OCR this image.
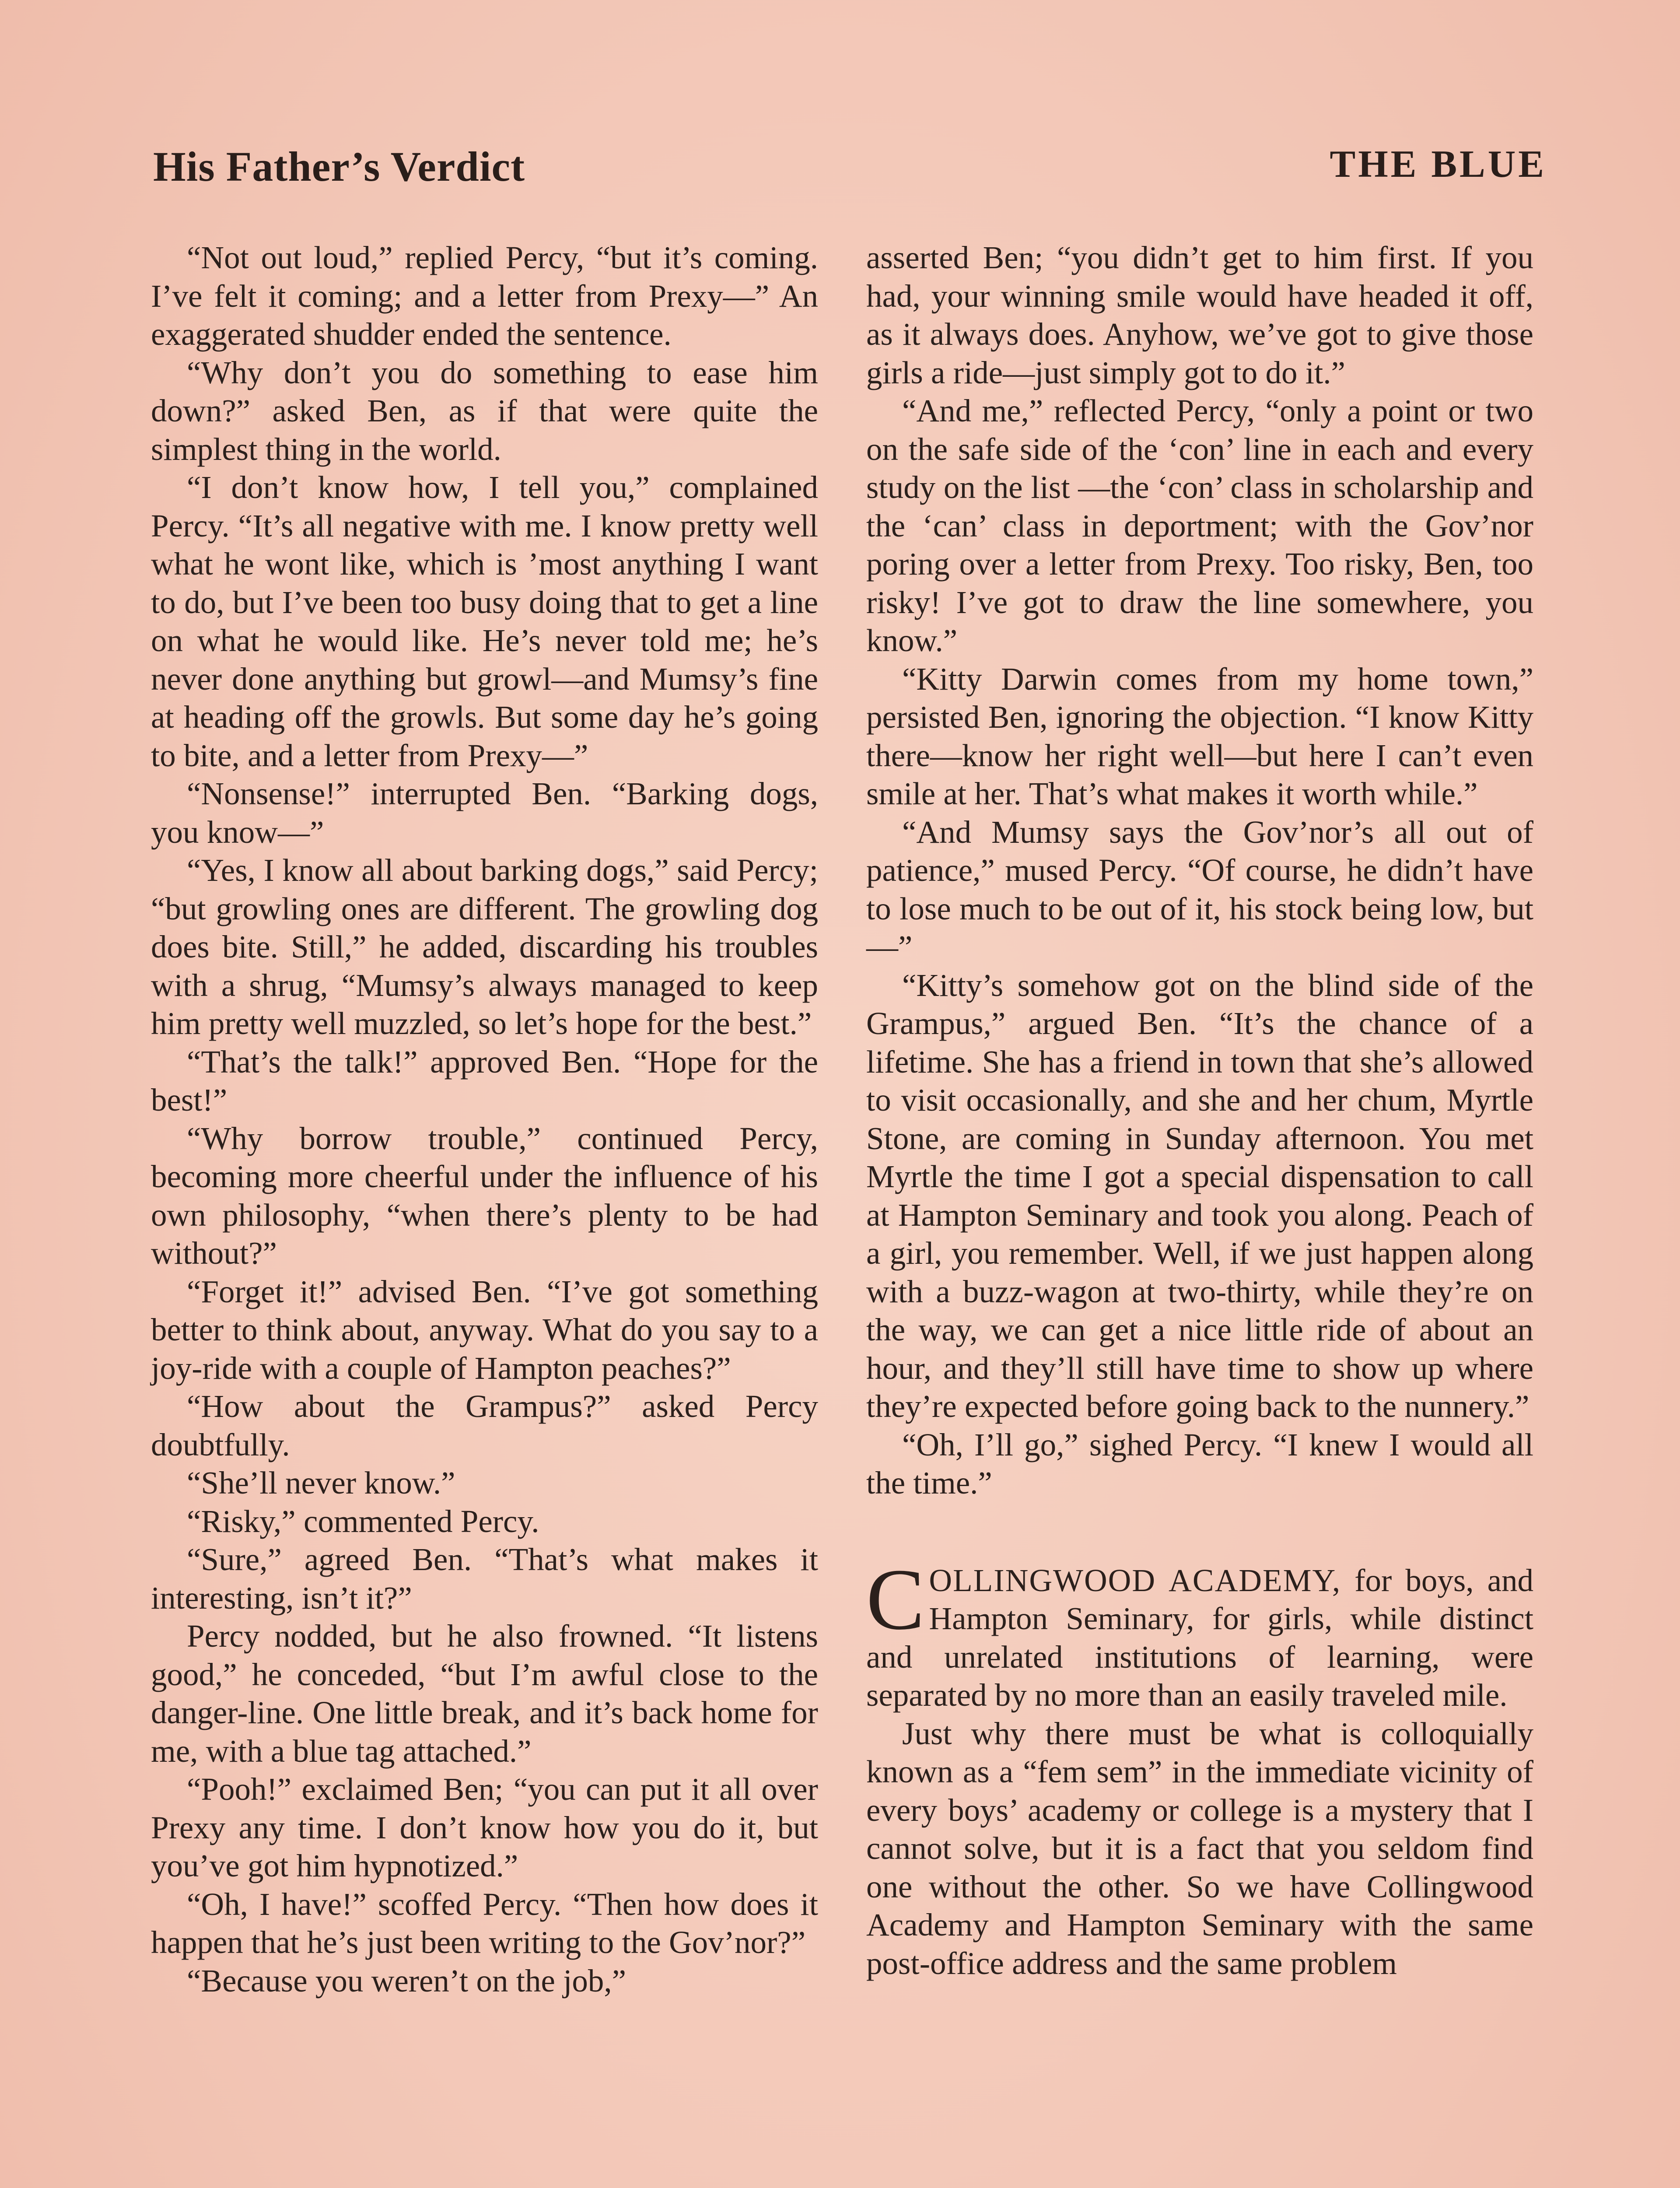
His Father’s Verdict	THE BLUE

“Not out loud,” replied Percy, “but it’s coming. I’ve felt it coming; and a letter from Prexy—” An exaggerated shudder ended the sentence.

“Why don’t you do something to ease him down?” asked Ben, as if that were quite the simplest thing in the world.

“I don’t know how, I tell you,” complained Percy. “It’s all negative with me. I know pretty well what he wont like, which is ’most anything I want to do, but I’ve been too busy doing that to get a line on what he would like. He’s never told me; he’s never done anything but growl—and Mumsy’s fine at heading off the growls. But some day he’s going to bite, and a letter from Prexy—”

“Nonsense!” interrupted Ben. “Barking dogs, you know—”

“Yes, I know all about barking dogs,” said Percy; “but growling ones are different. The growling dog does bite. Still,” he added, discarding his troubles with a shrug, “Mumsy’s always managed to keep him pretty well muzzled, so let’s hope for the best.”

“That’s the talk!” approved Ben. “Hope for the best!”

“Why borrow trouble,” continued Percy, becoming more cheerful under the influence of his own philosophy, “when there’s plenty to be had without?”

“Forget it!” advised Ben. “I’ve got something better to think about, anyway. What do you say to a joy-ride with a couple of Hampton peaches?”

“How about the Grampus?” asked Percy doubtfully.

“She’ll never know.”

“Risky,” commented Percy.

“Sure,” agreed Ben. “That’s what makes it interesting, isn’t it?”

Percy nodded, but he also frowned. “It listens good,” he conceded, “but I’m awful close to the danger-line. One little break, and it’s back home for me, with a blue tag attached.”

“Pooh!” exclaimed Ben; “you can put it all over Prexy any time. I don’t know how you do it, but you’ve got him hypnotized.”

“Oh, I have!” scoffed Percy. “Then how does it happen that he’s just been writing to the Gov’nor?”

“Because you weren’t on the job,”

asserted Ben; “you didn’t get to him first. If you had, your winning smile would have headed it off, as it always does. Anyhow, we’ve got to give those girls a ride—just simply got to do it.”

“And me,” reflected Percy, “only a point or two on the safe side of the ‘con’ line in each and every study on the list —the ‘con’ class in scholarship and the ‘can’ class in deportment; with the Gov’nor poring over a letter from Prexy. Too risky, Ben, too risky! I’ve got to draw the line somewhere, you know.”

“Kitty Darwin comes from my home town,” persisted Ben, ignoring the objection. “I know Kitty there—know her right well—but here I can’t even smile at her. That’s what makes it worth while.”

“And Mumsy says the Gov’nor’s all out of patience,” mused Percy. “Of course, he didn’t have to lose much to be out of it, his stock being low, but—”

“Kitty’s somehow got on the blind side of the Grampus,” argued Ben. “It’s the chance of a lifetime. She has a friend in town that she’s allowed to visit occasionally, and she and her chum, Myrtle Stone, are coming in Sunday afternoon. You met Myrtle the time I got a special dispensation to call at Hampton Seminary and took you along. Peach of a girl, you remember. Well, if we just happen along with a buzz-wagon at two-thirty, while they’re on the way, we can get a nice little ride of about an hour, and they’ll still have time to show up where they’re expected before going back to the nunnery.”

“Oh, I’ll go,” sighed Percy. “I knew I would all the time.”

COLLINGWOOD ACADEMY, for boys, and Hampton Seminary, for girls, while distinct and unrelated institutions of learning, were separated by no more than an easily traveled mile.

Just why there must be what is colloquially known as a “fem sem” in the immediate vicinity of every boys’ academy or college is a mystery that I cannot solve, but it is a fact that you seldom find one without the other. So we have Collingwood Academy and Hampton Seminary with the same post-office address and the same problem
